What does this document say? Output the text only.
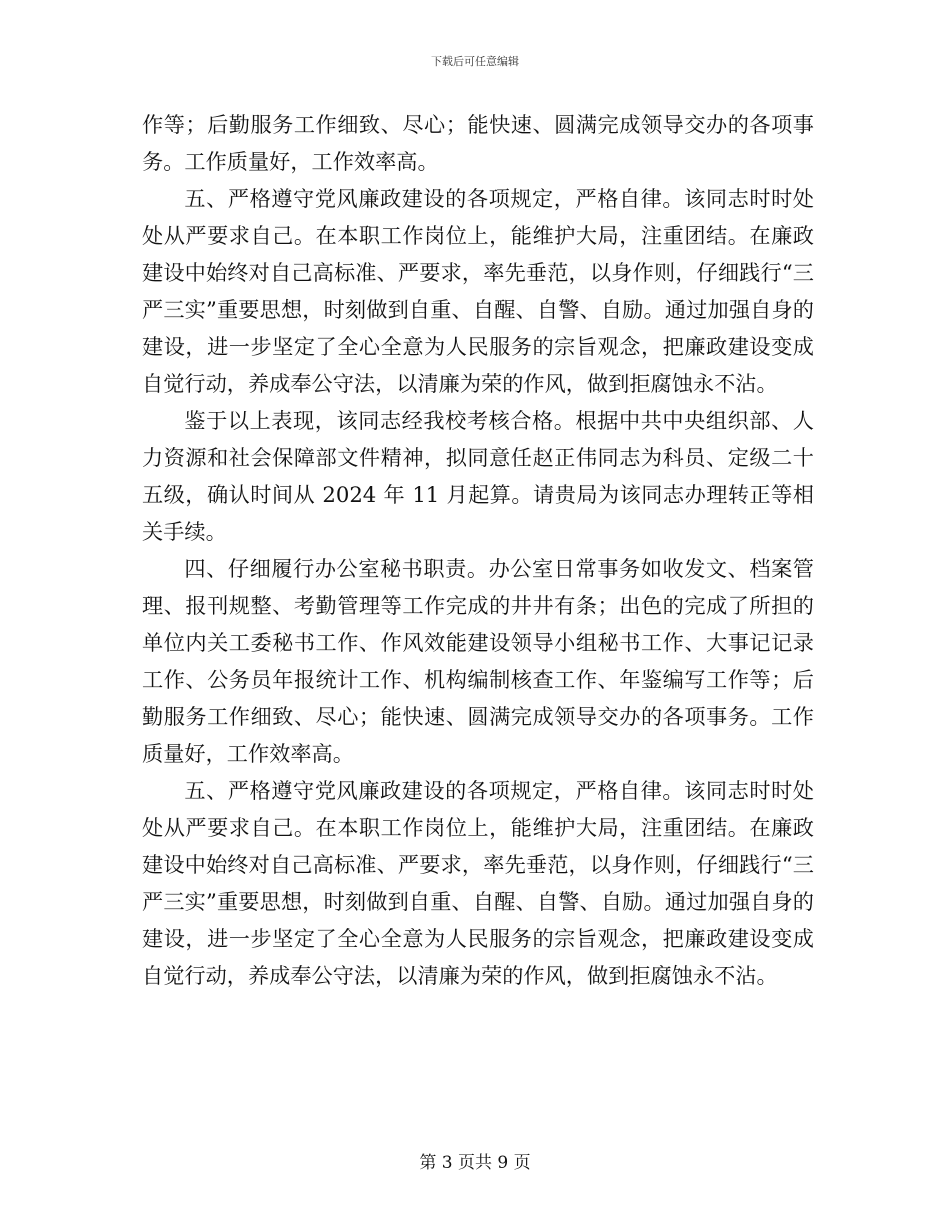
下载后可任意编辑

作等；后勤服务工作细致、尽心；能快速、圆满完成领导交办的各项事务。工作质量好，工作效率高。

五、严格遵守党风廉政建设的各项规定，严格自律。该同志时时处处从严要求自己。在本职工作岗位上，能维护大局，注重团结。在廉政建设中始终对自己高标准、严要求，率先垂范，以身作则，仔细践行“三严三实”重要思想，时刻做到自重、自醒、自警、自励。通过加强自身的建设，进一步坚定了全心全意为人民服务的宗旨观念，把廉政建设变成自觉行动，养成奉公守法，以清廉为荣的作风，做到拒腐蚀永不沾。

鉴于以上表现，该同志经我校考核合格。根据中共中央组织部、人力资源和社会保障部文件精神，拟同意任赵正伟同志为科员、定级二十五级，确认时间从 2024 年 11 月起算。请贵局为该同志办理转正等相关手续。

四、仔细履行办公室秘书职责。办公室日常事务如收发文、档案管理、报刊规整、考勤管理等工作完成的井井有条；出色的完成了所担的单位内关工委秘书工作、作风效能建设领导小组秘书工作、大事记记录工作、公务员年报统计工作、机构编制核查工作、年鉴编写工作等；后勤服务工作细致、尽心；能快速、圆满完成领导交办的各项事务。工作质量好，工作效率高。

五、严格遵守党风廉政建设的各项规定，严格自律。该同志时时处处从严要求自己。在本职工作岗位上，能维护大局，注重团结。在廉政建设中始终对自己高标准、严要求，率先垂范，以身作则，仔细践行“三严三实”重要思想，时刻做到自重、自醒、自警、自励。通过加强自身的建设，进一步坚定了全心全意为人民服务的宗旨观念，把廉政建设变成自觉行动，养成奉公守法，以清廉为荣的作风，做到拒腐蚀永不沾。

第 3 页共 9 页
